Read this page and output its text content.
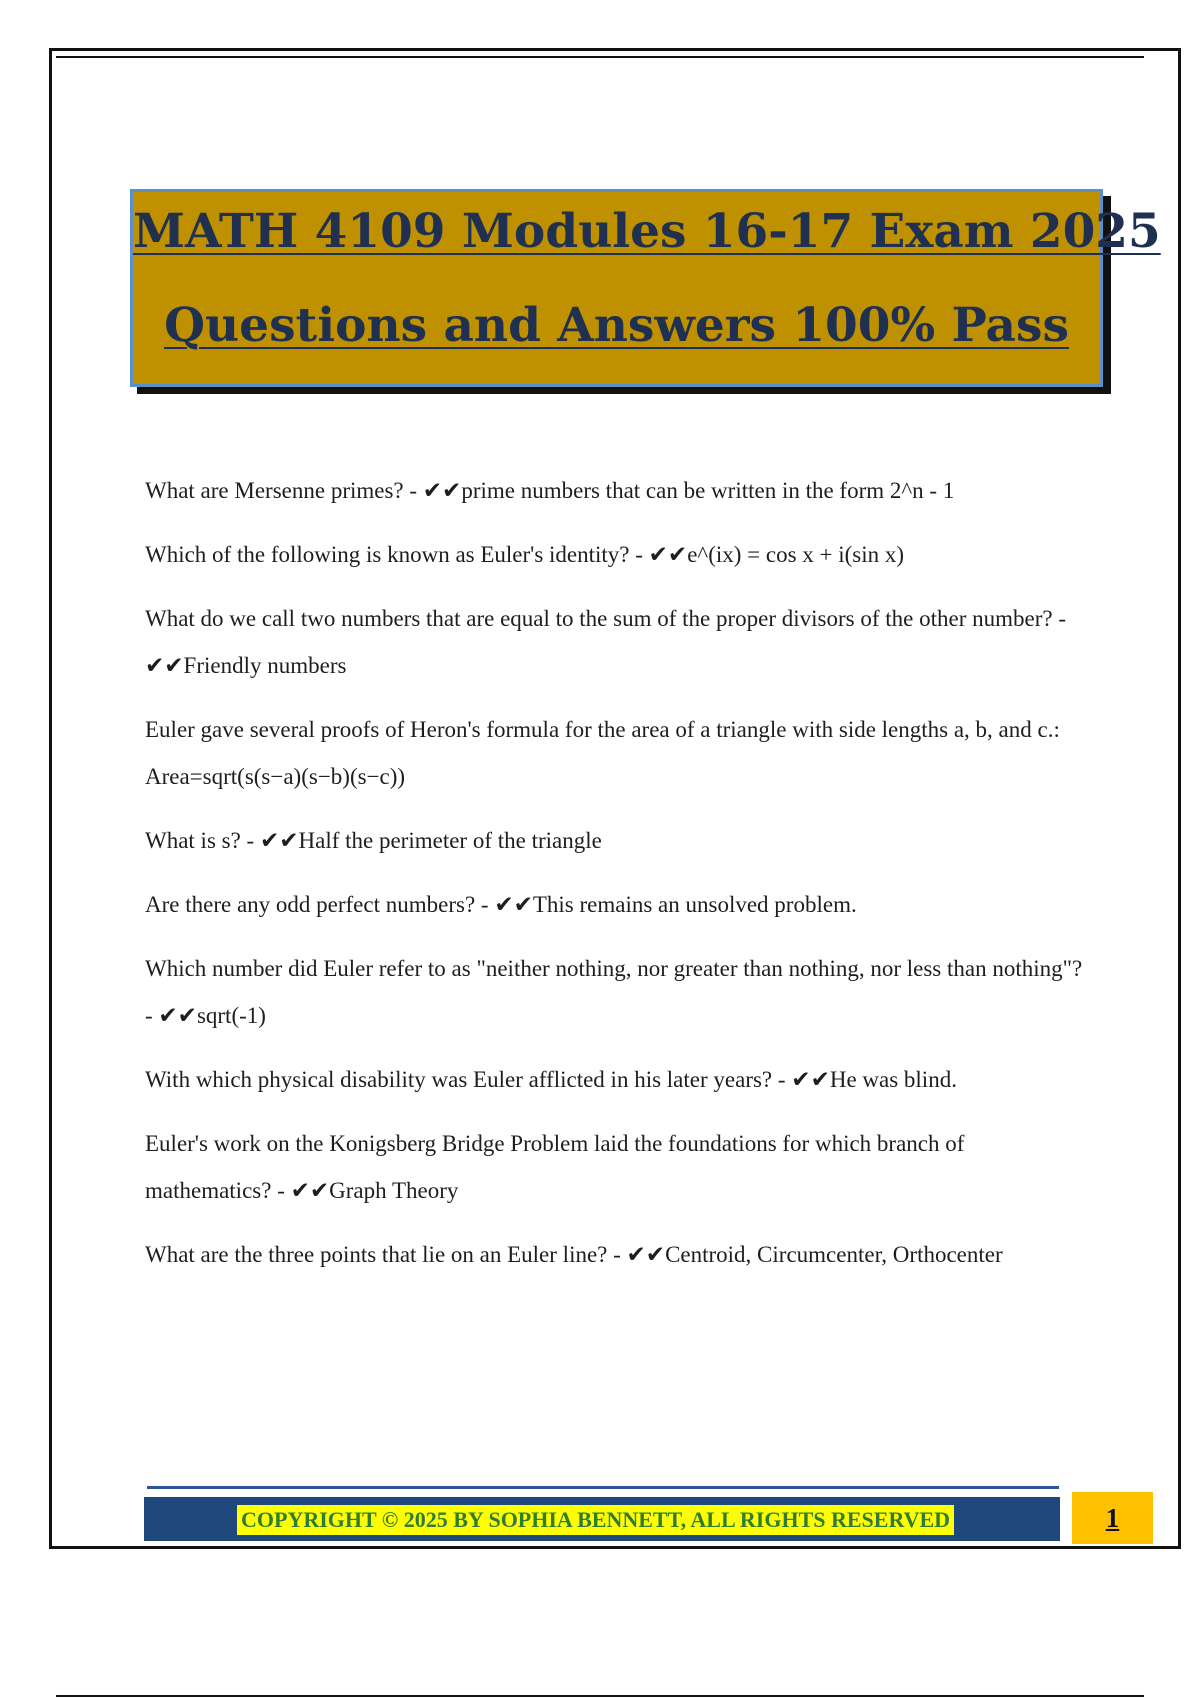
MATH 4109 Modules 16-17 Exam 2025
Questions and Answers 100% Pass

What are Mersenne primes? - ✔✔prime numbers that can be written in the form 2^n - 1

Which of the following is known as Euler's identity? - ✔✔e^(ix) = cos x + i(sin x)

What do we call two numbers that are equal to the sum of the proper divisors of the other number? - ✔✔Friendly numbers

Euler gave several proofs of Heron's formula for the area of a triangle with side lengths a, b, and c.: Area=sqrt(s(s−a)(s−b)(s−c))

What is s? - ✔✔Half the perimeter of the triangle

Are there any odd perfect numbers? - ✔✔This remains an unsolved problem.

Which number did Euler refer to as "neither nothing, nor greater than nothing, nor less than nothing"? - ✔✔sqrt(-1)

With which physical disability was Euler afflicted in his later years? - ✔✔He was blind.

Euler's work on the Konigsberg Bridge Problem laid the foundations for which branch of mathematics? - ✔✔Graph Theory

What are the three points that lie on an Euler line? - ✔✔Centroid, Circumcenter, Orthocenter

COPYRIGHT © 2025 BY SOPHIA BENNETT, ALL RIGHTS RESERVED	1
